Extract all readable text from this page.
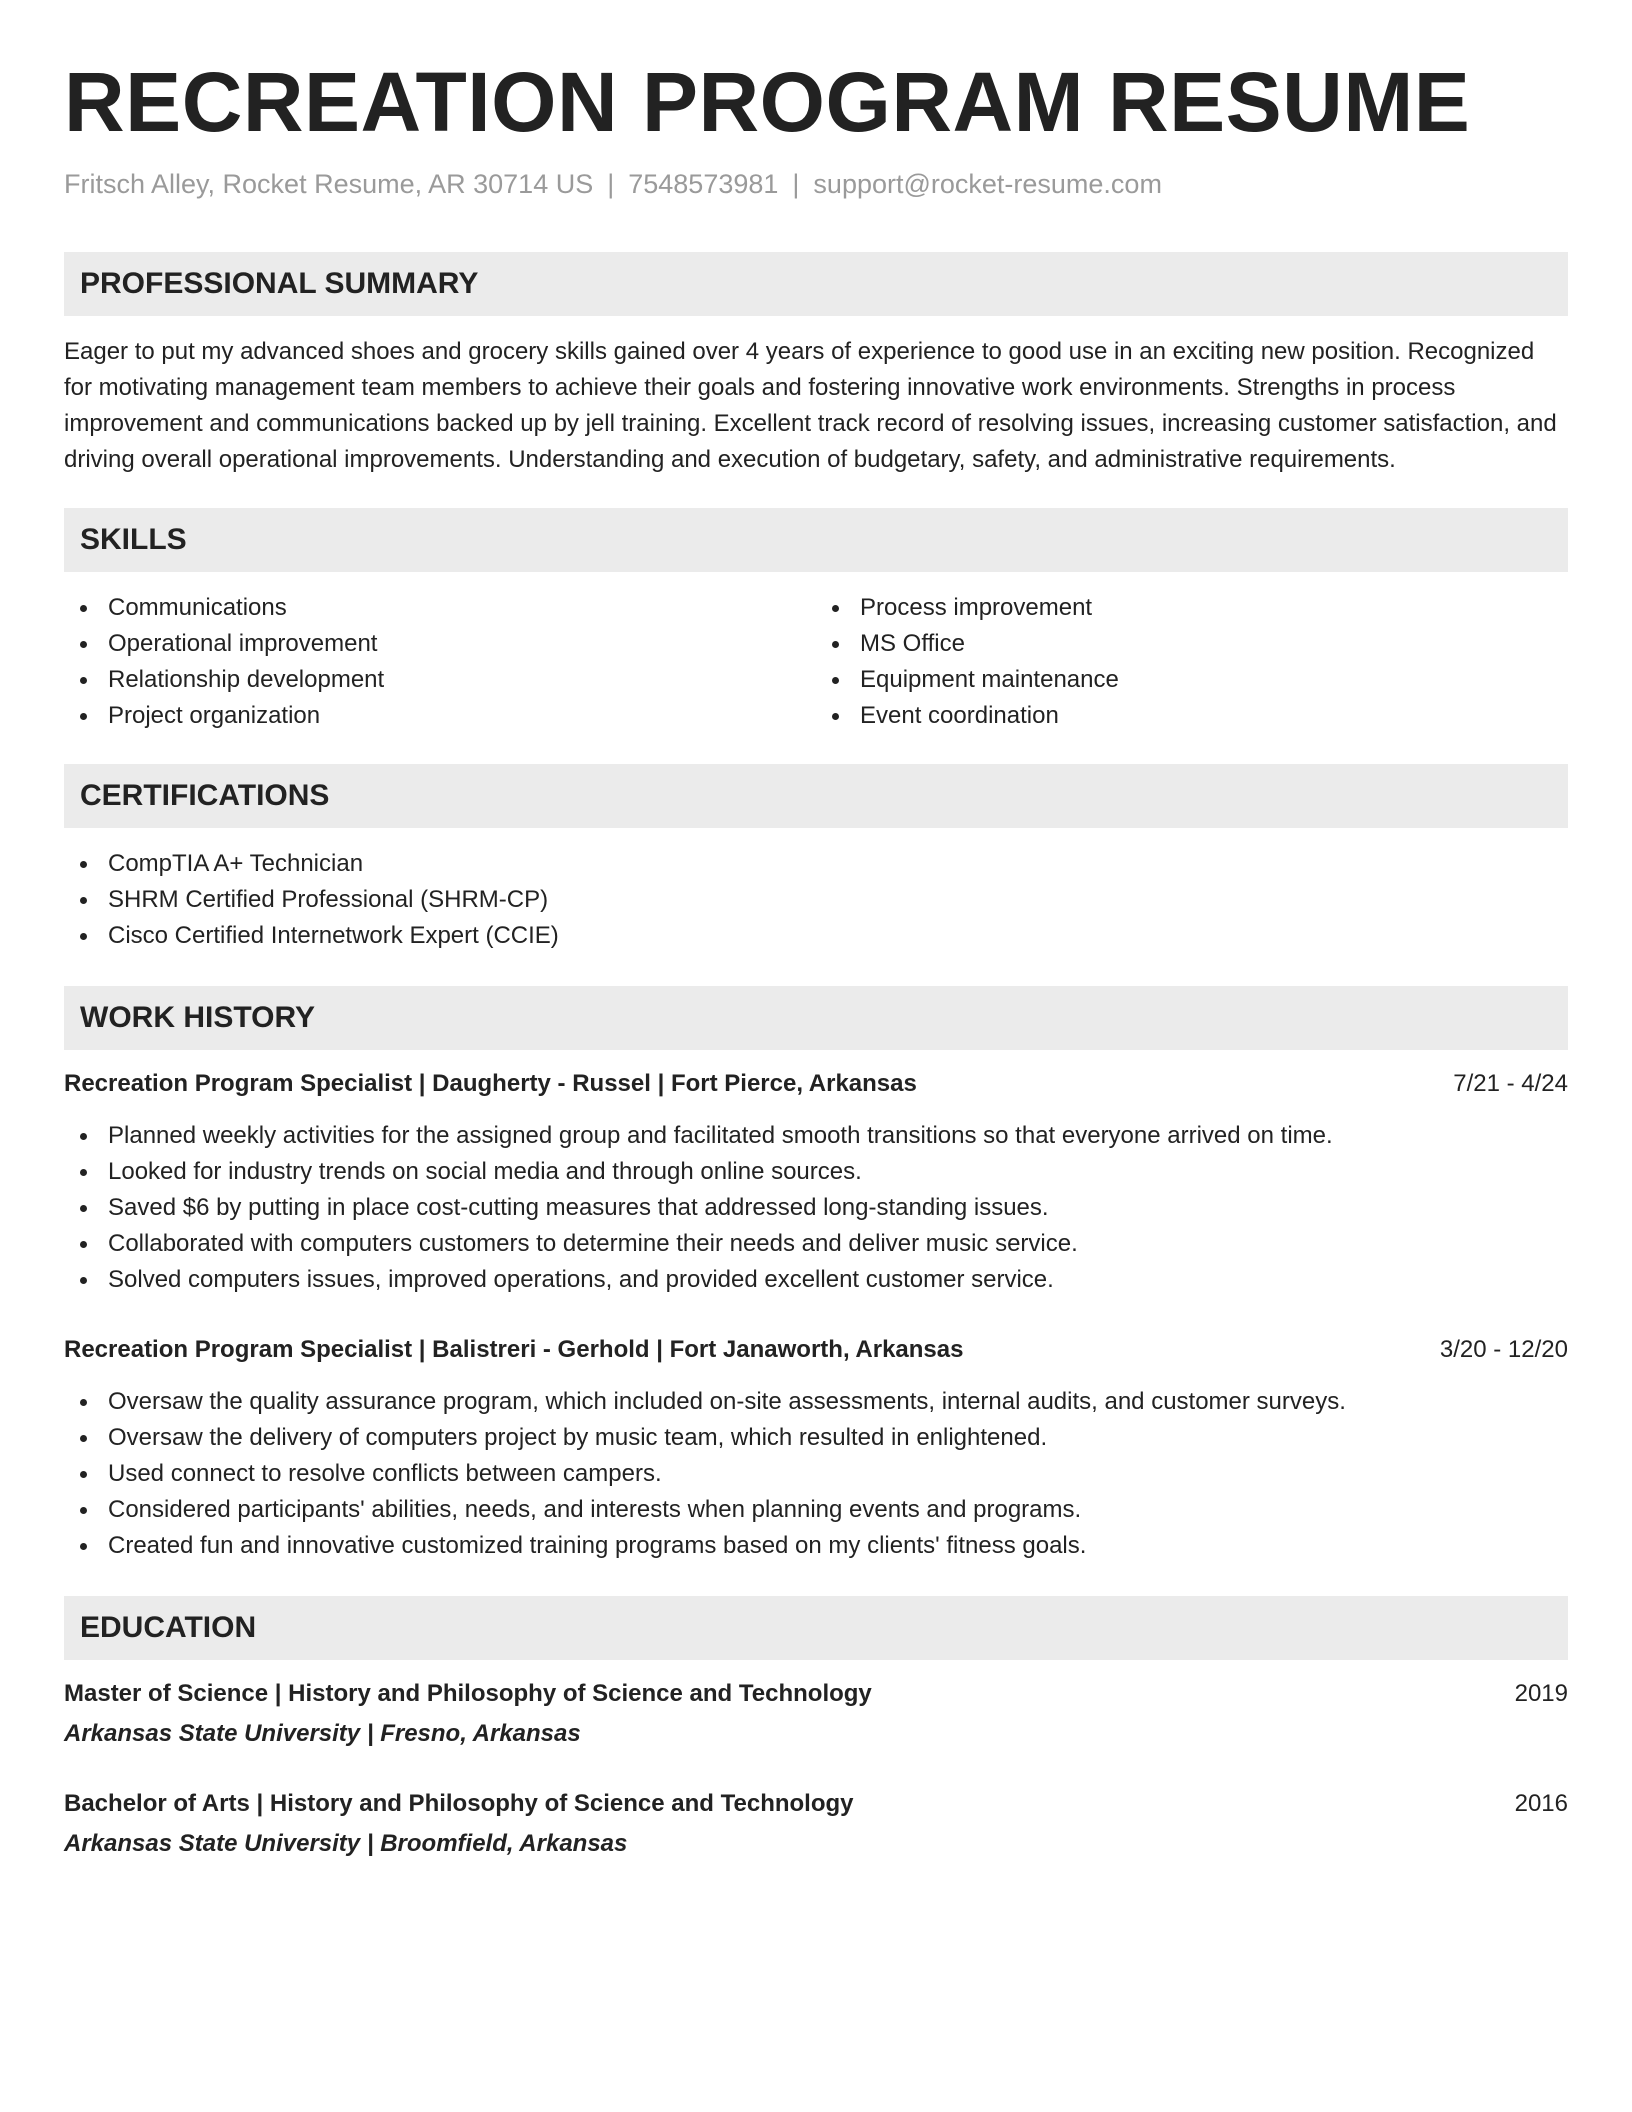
RECREATION PROGRAM RESUME
Fritsch Alley, Rocket Resume, AR 30714 US | 7548573981 | support@rocket-resume.com
PROFESSIONAL SUMMARY

Eager to put my advanced shoes and grocery skills gained over 4 years of experience to good use in an exciting new position. Recognized for motivating management team members to achieve their goals and fostering innovative work environments. Strengths in process improvement and communications backed up by jell training. Excellent track record of resolving issues, increasing customer satisfaction, and driving overall operational improvements. Understanding and execution of budgetary, safety, and administrative requirements.

SKILLS
Communications
Operational improvement
Relationship development
Project organization
Process improvement
MS Office
Equipment maintenance
Event coordination
CERTIFICATIONS
CompTIA A+ Technician
SHRM Certified Professional (SHRM-CP)
Cisco Certified Internetwork Expert (CCIE)
WORK HISTORY
Recreation Program Specialist | Daugherty - Russel | Fort Pierce, Arkansas	7/21 - 4/24
Planned weekly activities for the assigned group and facilitated smooth transitions so that everyone arrived on time.
Looked for industry trends on social media and through online sources.
Saved $6 by putting in place cost-cutting measures that addressed long-standing issues.
Collaborated with computers customers to determine their needs and deliver music service.
Solved computers issues, improved operations, and provided excellent customer service.
Recreation Program Specialist | Balistreri - Gerhold | Fort Janaworth, Arkansas	3/20 - 12/20
Oversaw the quality assurance program, which included on-site assessments, internal audits, and customer surveys.
Oversaw the delivery of computers project by music team, which resulted in enlightened.
Used connect to resolve conflicts between campers.
Considered participants' abilities, needs, and interests when planning events and programs.
Created fun and innovative customized training programs based on my clients' fitness goals.
EDUCATION
Master of Science | History and Philosophy of Science and Technology	2019
Arkansas State University | Fresno, Arkansas
Bachelor of Arts | History and Philosophy of Science and Technology	2016
Arkansas State University | Broomfield, Arkansas
